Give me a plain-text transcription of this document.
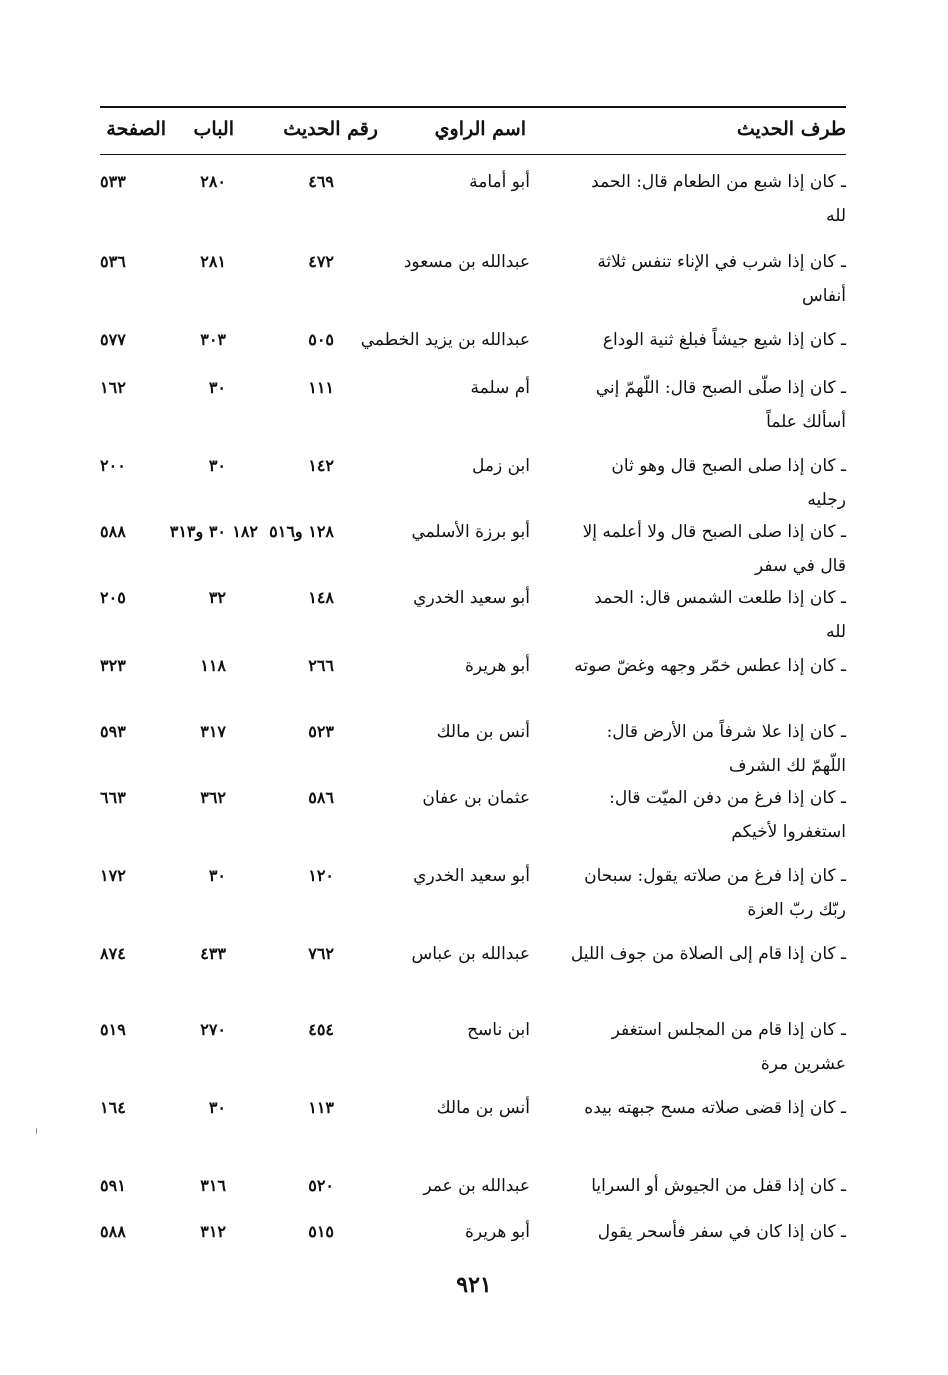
طرف الحديث
اسم الراوي
رقم الحديث
الباب
الصفحة
ـ كان إذا شبع من الطعام قال: الحمد لله
أبو أمامة
٤٦٩
٢٨٠
٥٣٣
ـ كان إذا شرب في الإناء تنفس ثلاثة أنفاس
عبدالله بن مسعود
٤٧٢
٢٨١
٥٣٦
ـ كان إذا شيع جيشاً فبلغ ثنية الوداع
عبدالله بن يزيد الخطمي
٥٠٥
٣٠٣
٥٧٧
ـ كان إذا صلّى الصبح قال: اللّهمّ إني أسألك علماً
أم سلمة
١١١
٣٠
١٦٢
ـ كان إذا صلى الصبح قال وهو ثان رجليه
ابن زمل
١٤٢
٣٠
٢٠٠
ـ كان إذا صلى الصبح قال ولا أعلمه إلا قال في سفر
أبو برزة الأسلمي
١٢٨ و٥١٦
٣٠ و٣١٣ ١٨٢
٥٨٨
ـ كان إذا طلعت الشمس قال: الحمد لله
أبو سعيد الخدري
١٤٨
٣٢
٢٠٥
ـ كان إذا عطس خمّر وجهه وغضّ صوته
أبو هريرة
٢٦٦
١١٨
٣٢٣
ـ كان إذا علا شرفاً من الأرض قال: اللّهمّ لك الشرف
أنس بن مالك
٥٢٣
٣١٧
٥٩٣
ـ كان إذا فرغ من دفن الميّت قال: استغفروا لأخيكم
عثمان بن عفان
٥٨٦
٣٦٢
٦٦٣
ـ كان إذا فرغ من صلاته يقول: سبحان ربّك ربّ العزة
أبو سعيد الخدري
١٢٠
٣٠
١٧٢
ـ كان إذا قام إلى الصلاة من جوف الليل
عبدالله بن عباس
٧٦٢
٤٣٣
٨٧٤
ـ كان إذا قام من المجلس استغفر عشرين مرة
ابن ناسح
٤٥٤
٢٧٠
٥١٩
ـ كان إذا قضى صلاته مسح جبهته بيده
أنس بن مالك
١١٣
٣٠
١٦٤
ـ كان إذا قفل من الجيوش أو السرايا
عبدالله بن عمر
٥٢٠
٣١٦
٥٩١
ـ كان إذا كان في سفر فأسحر يقول
أبو هريرة
٥١٥
٣١٢
٥٨٨
٩٢١
